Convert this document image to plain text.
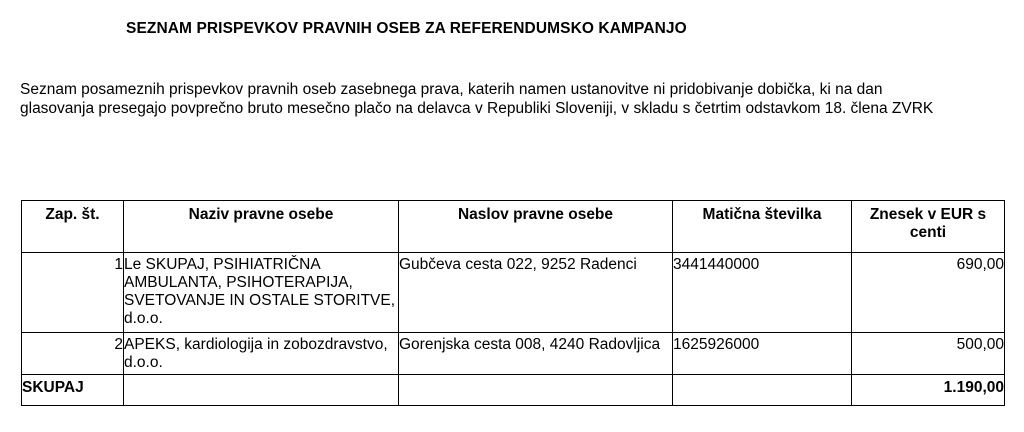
SEZNAM PRISPEVKOV PRAVNIH OSEB ZA REFERENDUMSKO KAMPANJO
Seznam posameznih prispevkov pravnih oseb zasebnega prava, katerih namen ustanovitve ni pridobivanje dobička, ki na dan
glasovanja presegajo povprečno bruto mesečno plačo na delavca v Republiki Sloveniji, v skladu s četrtim odstavkom 18. člena ZVRK
Zap. št.	Naziv pravne osebe	Naslov pravne osebe	Matična številka	Znesek v EUR s centi
1	Le SKUPAJ, PSIHIATRIČNA AMBULANTA, PSIHOTERAPIJA, SVETOVANJE IN OSTALE STORITVE, d.o.o.	Gubčeva cesta 022, 9252 Radenci	3441440000	690,00
2	APEKS, kardiologija in zobozdravstvo, d.o.o.	Gorenjska cesta 008, 4240 Radovljica	1625926000	500,00
SKUPAJ				1.190,00
